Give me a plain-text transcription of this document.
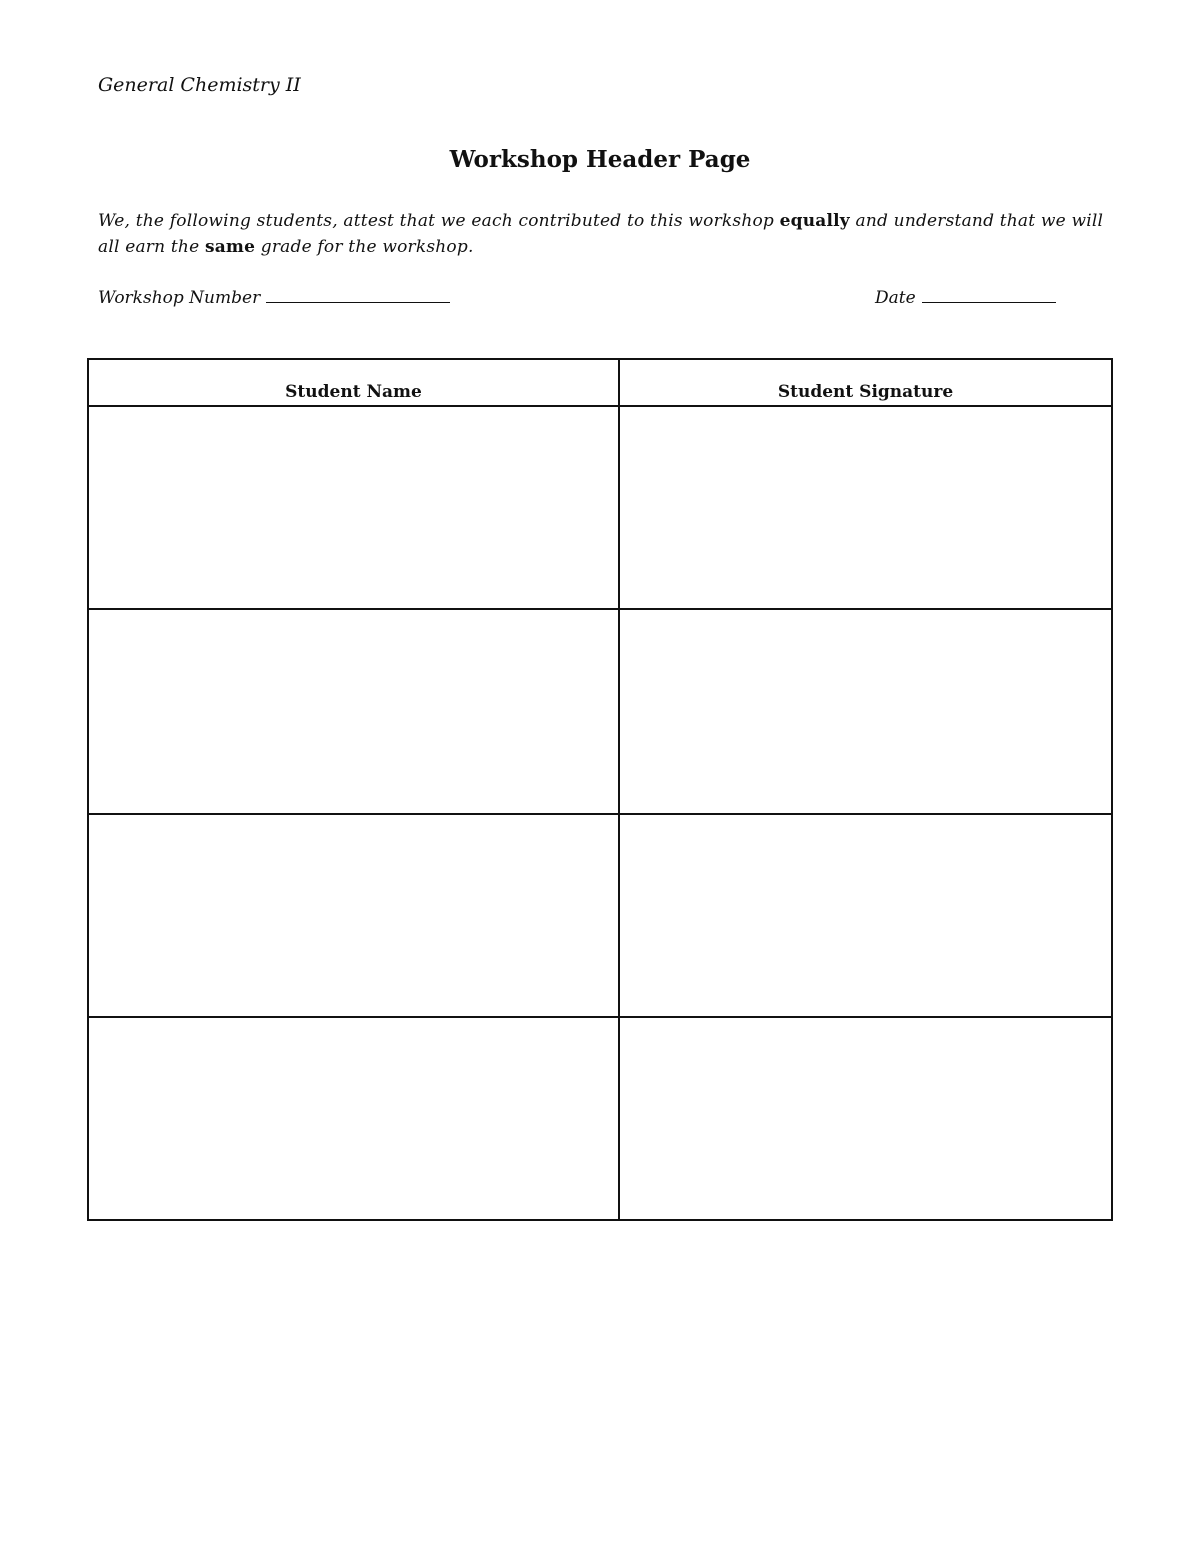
General Chemistry II
Workshop Header Page
We, the following students, attest that we each contributed to this workshop equally and understand that we will all earn the same grade for the workshop.
Workshop Number	Date
Student Name	Student Signature
